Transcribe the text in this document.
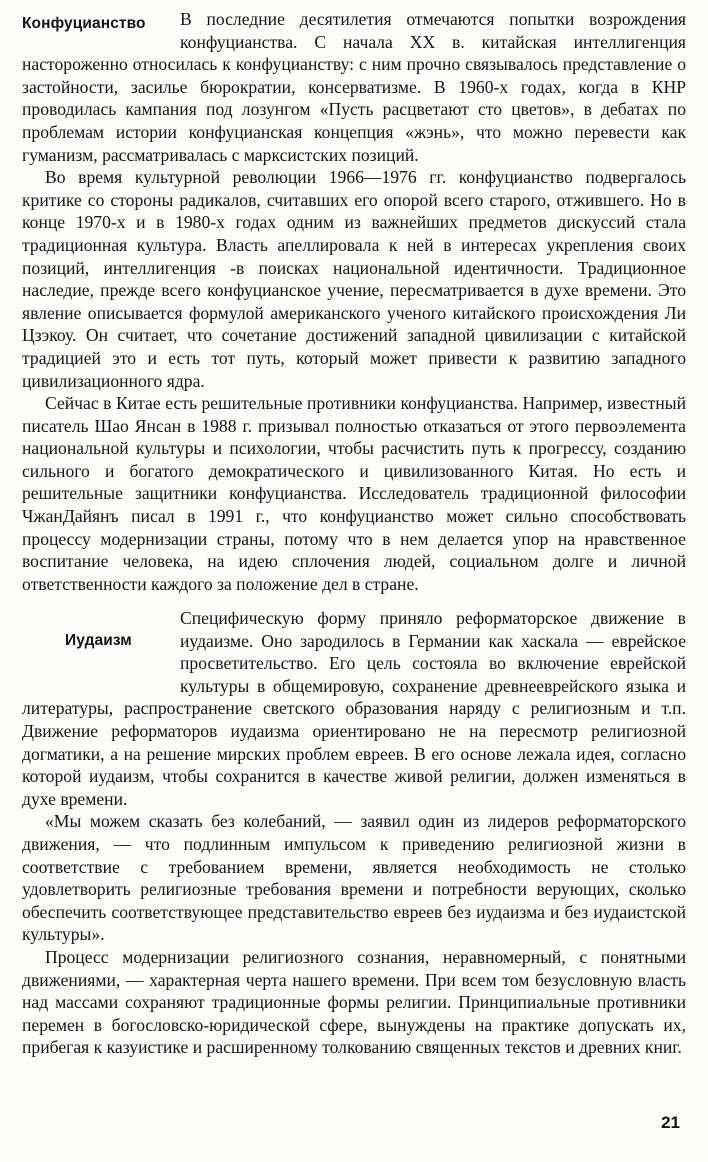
Конфуцианство	В последние десятилетия отмечаются попытки возрождения конфуцианства. С начала XX в. китайская интеллигенция настороженно относилась к конфуцианству: с ним прочно связывалось представление о застойности, засилье бюрократии, консерватизме. В 1960-х годах, когда в КНР проводилась кампания под лозунгом «Пусть расцветают сто цветов», в дебатах по проблемам истории конфуцианская концепция «жэнь», что можно перевести как гуманизм, рассматривалась с марксистских позиций.

Во время культурной революции 1966—1976 гг. конфуцианство подвергалось критике со стороны радикалов, считавших его опорой всего старого, отжившего. Но в конце 1970-х и в 1980-х годах одним из важнейших предметов дискуссий стала традиционная культура. Власть апеллировала к ней в интересах укрепления своих позиций, интеллигенция -в поисках национальной идентичности. Традиционное наследие, прежде всего конфуцианское учение, пересматривается в духе времени. Это явление описывается формулой американского ученого китайского происхождения Ли Цзэкоу. Он считает, что сочетание достижений западной цивилизации с китайской традицией это и есть тот путь, который может привести к развитию западного цивилизационного ядра.

Сейчас в Китае есть решительные противники конфуцианства. Например, известный писатель Шао Янсан в 1988 г. призывал полностью отказаться от этого первоэлемента национальной культуры и психологии, чтобы расчистить путь к прогрессу, созданию сильного и богатого демократического и цивилизованного Китая. Но есть и решительные защитники конфуцианства. Исследователь традиционной философии ЧжанДайянъ писал в 1991 г., что конфуцианство может сильно способствовать процессу модернизации страны, потому что в нем делается упор на нравственное воспитание человека, на идею сплочения людей, социальном долге и личной ответственности каждого за положение дел в стране.

Иудаизм

Специфическую форму приняло реформаторское движение в иудаизме. Оно зародилось в Германии как хаскала — еврейское просветительство. Его цель состояла во включение еврейской культуры в общемировую, сохранение древнееврейского языка и литературы, распространение светского образования наряду с религиозным и т.п. Движение реформаторов иудаизма ориентировано не на пересмотр религиозной догматики, а на решение мирских проблем евреев. В его основе лежала идея, согласно которой иудаизм, чтобы сохранится в качестве живой религии, должен изменяться в духе времени.

«Мы можем сказать без колебаний, — заявил один из лидеров реформаторского движения, — что подлинным импульсом к приведению религиозной жизни в соответствие с требованием времени, является необходимость не столько удовлетворить религиозные требования времени и потребности верующих, сколько обеспечить соответствующее представительство евреев без иудаизма и без иудаистской культуры».

Процесс модернизации религиозного сознания, неравномерный, с понятными движениями, — характерная черта нашего времени. При всем том безусловную власть над массами сохраняют традиционные формы религии. Принципиальные противники перемен в богословско-юридической сфере, вынуждены на практике допускать их, прибегая к казуистике и расширенному толкованию священных текстов и древних книг.

21
